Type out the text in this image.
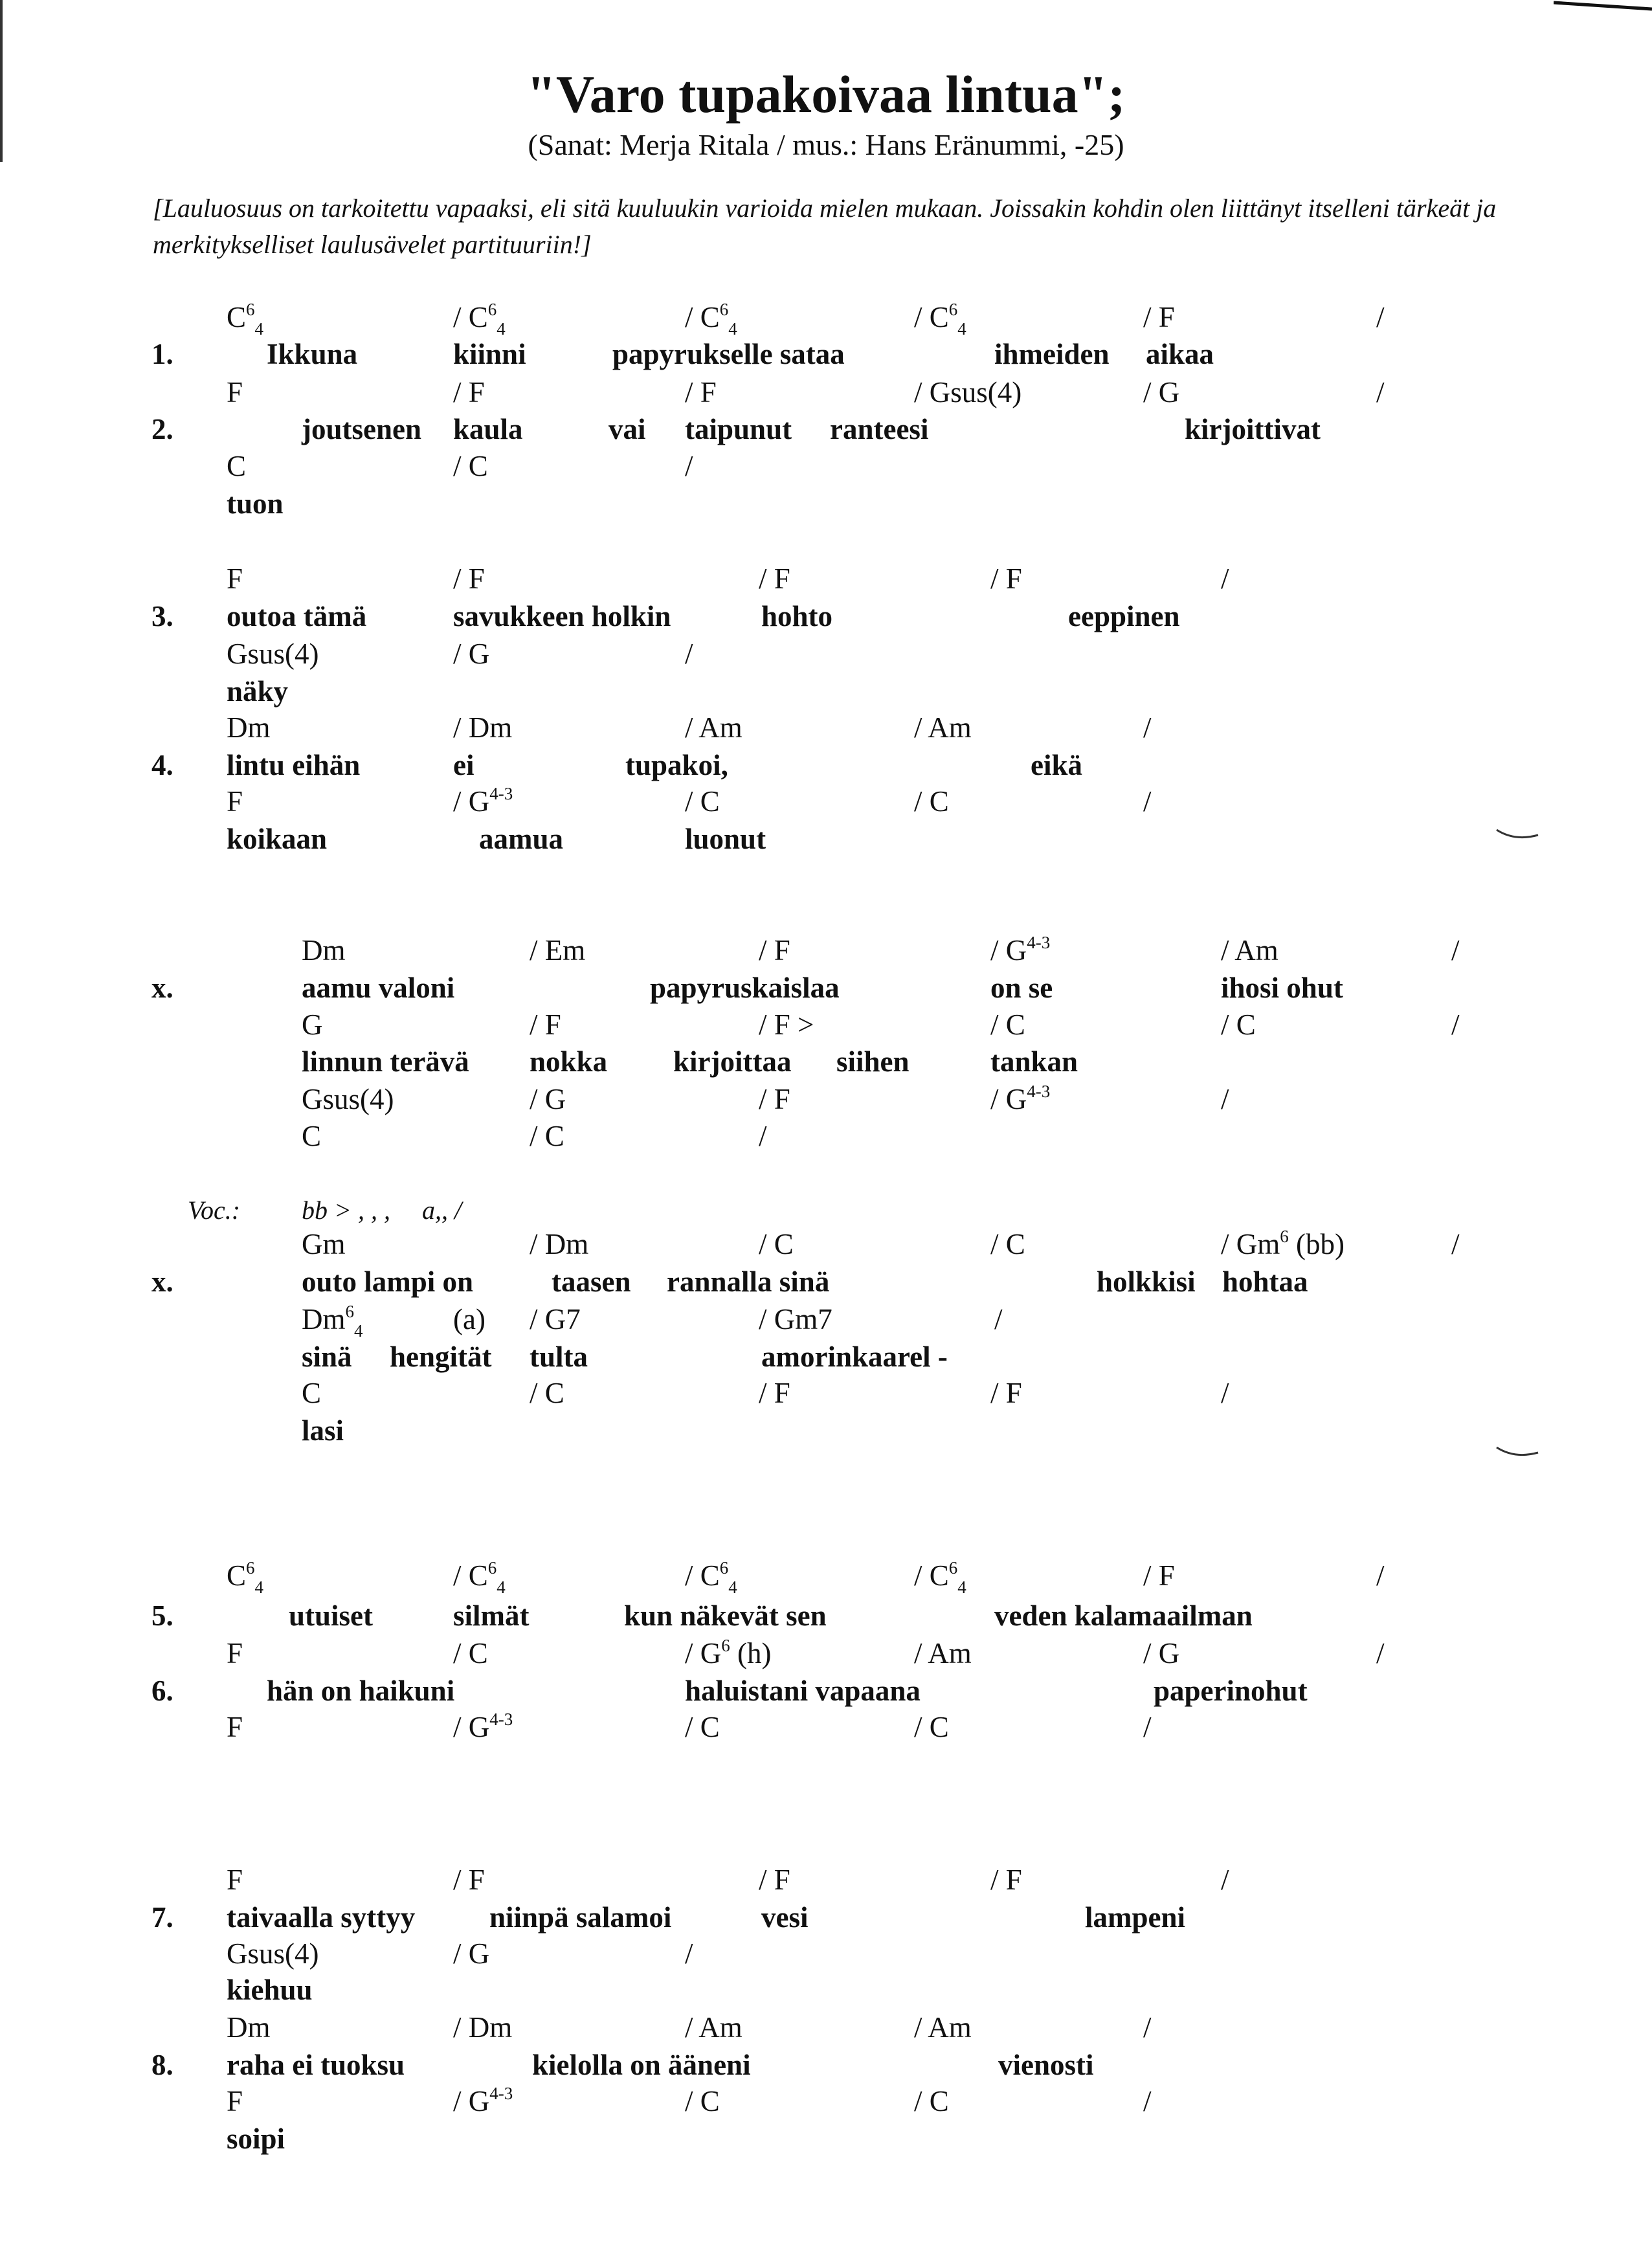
"Varo tupakoivaa lintua";
(Sanat: Merja Ritala / mus.: Hans Eränummi, -25)

[Lauluosuus on tarkoitettu vapaaksi, eli sitä kuuluukin varioida mielen mukaan. Joissakin kohdin olen liittänyt itselleni tärkeät ja merkitykselliset laulusävelet partituuriin!]

$C^6_4$	/ $C^6_4$	/ $C^6_4$	/ $C^6_4$	/ F	/
1.	Ikkuna	kiinni	papyrukselle sataa	ihmeiden aikaa
F	/ F	/ F	/ Gsus(4)	/ G	/
2.	joutsenen kaula	vai taipunut ranteesi	kirjoittivat
C	/ C	/
tuon
F	/ F	/ F	/ F	/
3. outoa tämä	savukkeen holkin	hohto	eeppinen
Gsus(4)	/ G	/
näky
Dm	/ Dm	/ Am	/ Am	/
4. lintu eihän	ei	tupakoi,	eikä
F	/ $G^{4-3}$	/ C	/ C	/
koikaan	aamua	luonut
Dm	/ Em	/ F	/ $G^{4-3}$	/ Am	/
x.	aamu valoni	papyruskaislaa	on se	ihosi ohut
G	/ F	/ F >	/ C	/ C	/
linnun terävä nokka kirjoittaa siihen	tankan
Gsus(4)	/ G	/ F	/ $G^{4-3}$	/
C	/ C	/
Voc.: bb > , , , a,, /
Gm	/ Dm	/ C	/ C	/ Gm$^6$ (bb)	/
x.	outo lampi on	taasen rannalla sinä	holkkisi hohtaa
$Dm^6_4$	(a) / G7	/ Gm7	/
sinä hengität tulta	amorinkaarel -
C	/ C	/ F	/ F	/
lasi
$C^6_4$	/ $C^6_4$	/ $C^6_4$	/ $C^6_4$	/ F	/
5.	utuiset	silmät	kun näkevät sen	veden kalamaailman
F	/ C	/ $G^6$ (h)	/ Am	/ G	/
6.	hän on haikuni	haluistani vapaana	paperinohut
F	/ $G^{4-3}$	/ C	/ C	/
F	/ F	/ F	/ F	/
7. taivaalla syttyy	niinpä salamoi	vesi	lampeni
Gsus(4)	/ G	/
kiehuu
Dm	/ Dm	/ Am	/ Am	/
8. raha ei tuoksu	kielolla on ääneni	vienosti
F	/ $G^{4-3}$	/ C	/ C	/
soipi
